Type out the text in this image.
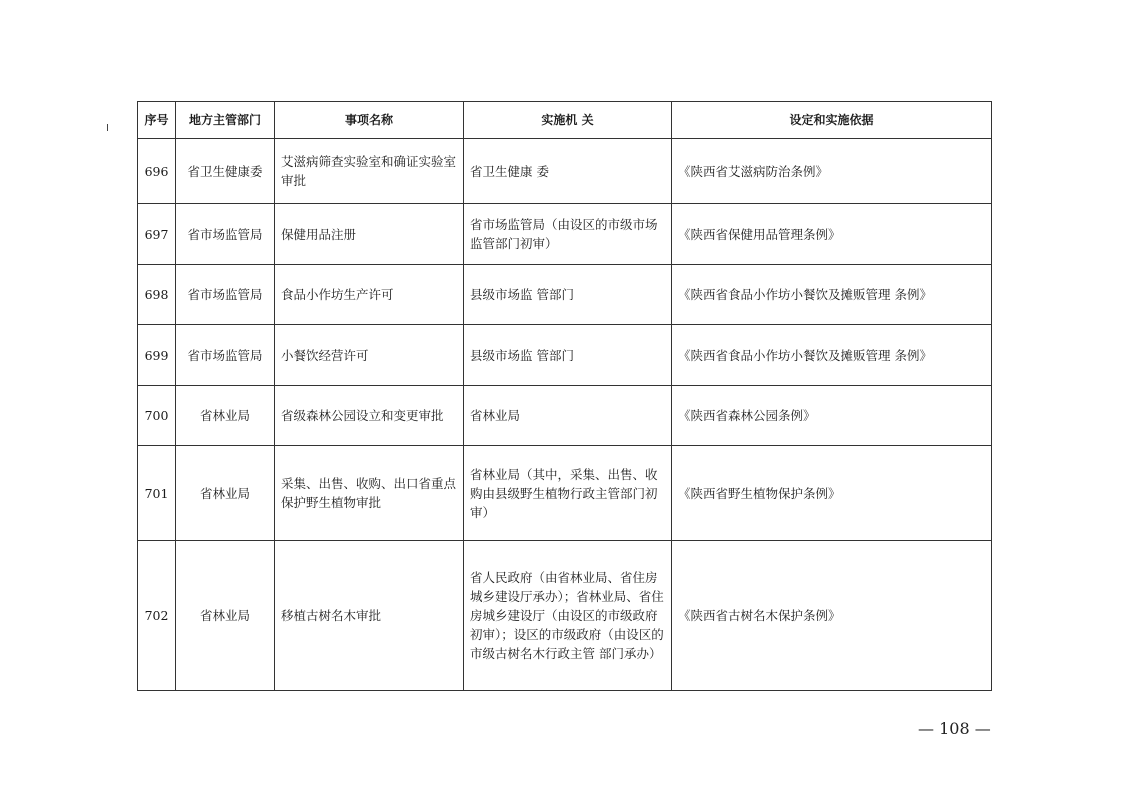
序号	地方主管部门	事项名称	实施机 关	设定和实施依据
696	省卫生健康委	艾滋病筛查实验室和确证实验室审批	省卫生健康 委	《陕西省艾滋病防治条例》
697	省市场监管局	保健用品注册	省市场监管局（由设区的市级市场监管部门初审）	《陕西省保健用品管理条例》
698	省市场监管局	食品小作坊生产许可	县级市场监 管部门	《陕西省食品小作坊小餐饮及摊贩管理 条例》
699	省市场监管局	小餐饮经营许可	县级市场监 管部门	《陕西省食品小作坊小餐饮及摊贩管理 条例》
700	省林业局	省级森林公园设立和变更审批	省林业局	《陕西省森林公园条例》
701	省林业局	采集、出售、收购、出口省重点保护野生植物审批	省林业局（其中，采集、出售、收购由县级野生植物行政主管部门初审）	《陕西省野生植物保护条例》
702	省林业局	移植古树名木审批	省人民政府（由省林业局、省住房城乡建设厅承办）；省林业局、省住房城乡建设厅（由设区的市级政府初审）；设区的市级政府（由设区的市级古树名木行政主管 部门承办）	《陕西省古树名木保护条例》
— 108 —
